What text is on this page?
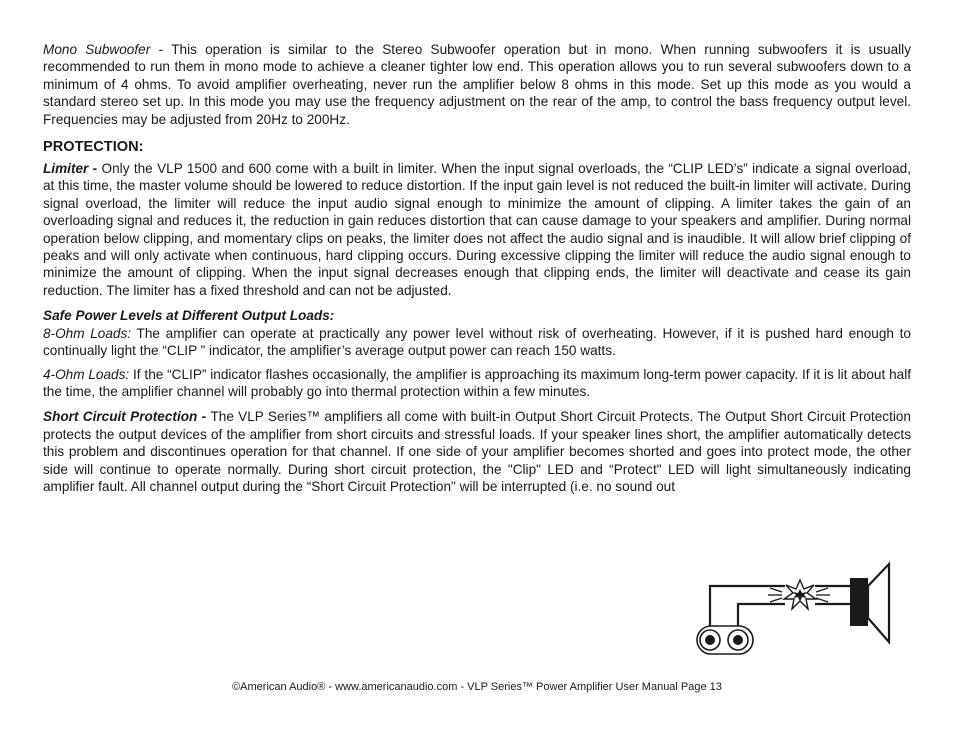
Mono Subwoofer - This operation is similar to the Stereo Subwoofer operation but in mono. When running subwoofers it is usually recommended to run them in mono mode to achieve a cleaner tighter low end. This operation allows you to run several subwoofers down to a minimum of 4 ohms. To avoid amplifier overheating, never run the amplifier below 8 ohms in this mode. Set up this mode as you would a standard stereo set up. In this mode you may use the frequency adjustment on the rear of the amp, to control the bass frequency output level. Frequencies may be adjusted from 20Hz to 200Hz.

PROTECTION:

Limiter - Only the VLP 1500 and 600 come with a built in limiter. When the input signal overloads, the “CLIP LED’s” indicate a signal overload, at this time, the master volume should be lowered to reduce distortion. If the input gain level is not reduced the built-in limiter will activate. During signal overload, the limiter will reduce the input audio signal enough to minimize the amount of clipping. A limiter takes the gain of an overloading signal and reduces it, the reduction in gain reduces distortion that can cause damage to your speakers and amplifier. During normal operation below clipping, and momentary clips on peaks, the limiter does not affect the audio signal and is inaudible. It will allow brief clipping of peaks and will only activate when continuous, hard clipping occurs. During excessive clipping the limiter will reduce the audio signal enough to minimize the amount of clipping. When the input signal decreases enough that clipping ends, the limiter will deactivate and cease its gain reduction. The limiter has a fixed threshold and can not be adjusted.

Safe Power Levels at Different Output Loads:

8-Ohm Loads: The amplifier can operate at practically any power level without risk of overheating. However, if it is pushed hard enough to continually light the “CLIP ” indicator, the amplifier’s average output power can reach 150 watts.

4-Ohm Loads: If the “CLIP” indicator flashes occasionally, the amplifier is approaching its maximum long-term power capacity. If it is lit about half the time, the amplifier channel will probably go into thermal protection within a few minutes.

Short Circuit Protection - The VLP Series™ amplifiers all come with built-in Output Short Circuit Protects. The Output Short Circuit Protection protects the output devices of the amplifier from short circuits and stressful loads. If your speaker lines short, the amplifier automatically detects this problem and discontinues operation for that channel. If one side of your amplifier becomes shorted and goes into protect mode, the other side will continue to operate normally. During short circuit protection, the "Clip" LED and “Protect" LED will light simultaneously indicating amplifier fault. All channel output during the “Short Circuit Protection" will be interrupted (i.e. no sound out

©American Audio® - www.americanaudio.com - VLP Series™ Power Amplifier User Manual Page 13
